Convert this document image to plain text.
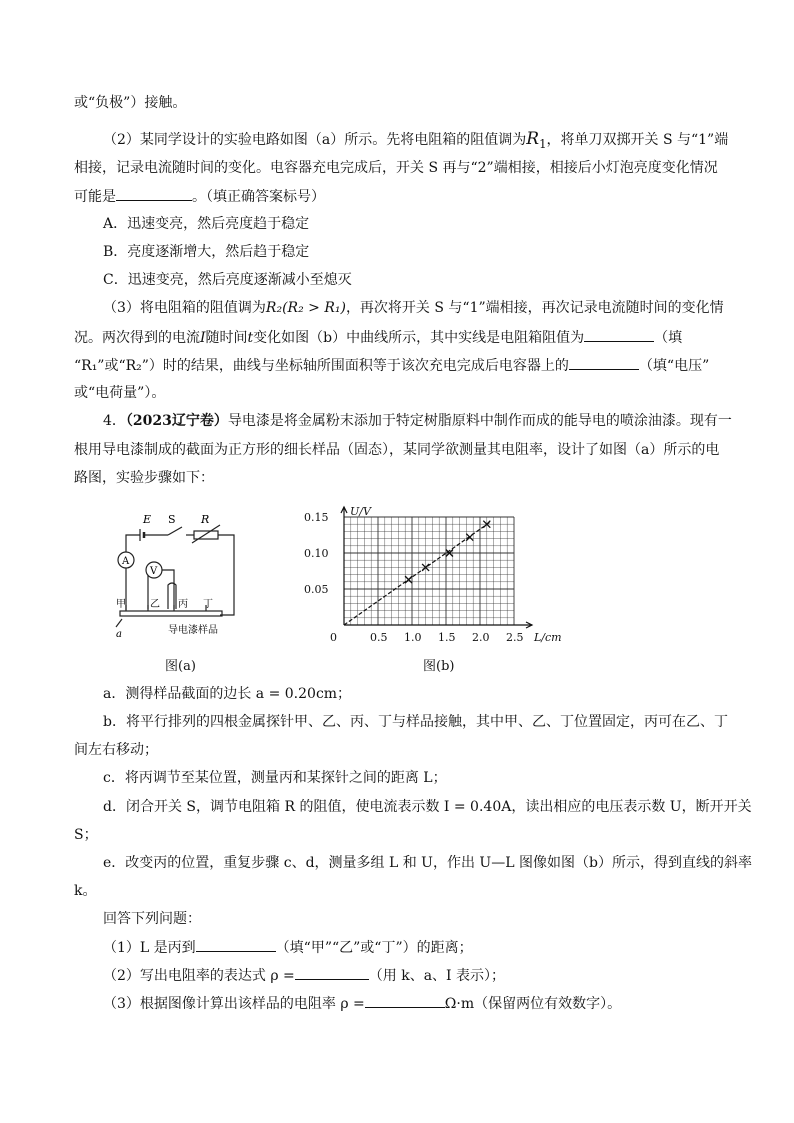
或“负极”）接触。
（2）某同学设计的实验电路如图（a）所示。先将电阻箱的阻值调为$R_1$，将单刀双掷开关 S 与“1”端
相接，记录电流随时间的变化。电容器充电完成后，开关 S 再与“2”端相接，相接后小灯泡亮度变化情况
可能是	。（填正确答案标号）
A．迅速变亮，然后亮度趋于稳定
B．亮度逐渐增大，然后趋于稳定
C．迅速变亮，然后亮度逐渐减小至熄灭
（3）将电阻箱的阻值调为R₂(R₂ > R₁)，再次将开关 S 与“1”端相接，再次记录电流随时间的变化情
况。两次得到的电流I随时间t变化如图（b）中曲线所示，其中实线是电阻箱阻值为	（填
“R₁”或“R₂”）时的结果，曲线与坐标轴所围面积等于该次充电完成后电容器上的	（填“电压”
或“电荷量”）。
4．（2023辽宁卷）导电漆是将金属粉末添加于特定树脂原料中制作而成的能导电的喷涂油漆。现有一
根用导电漆制成的截面为正方形的细长样品（固态），某同学欲测量其电阻率，设计了如图（a）所示的电
路图，实验步骤如下：
E S R
A
V
甲 乙 丙 丁
a	导电漆样品
图(a)
0.5 1.0 1.5 2.0 2.5
0.05
0.10
0.15
0	L/cm
U/V
图(b)
a．测得样品截面的边长 a = 0.20cm；
b．将平行排列的四根金属探针甲、乙、丙、丁与样品接触，其中甲、乙、丁位置固定，丙可在乙、丁
间左右移动；
c．将丙调节至某位置，测量丙和某探针之间的距离 L；
d．闭合开关 S，调节电阻箱 R 的阻值，使电流表示数 I = 0.40A，读出相应的电压表示数 U，断开开关
S；
e．改变丙的位置，重复步骤 c、d，测量多组 L 和 U，作出 U—L 图像如图（b）所示，得到直线的斜率
k。
回答下列问题：
（1）L 是丙到	（填“甲”“乙”或“丁”）的距离；
（2）写出电阻率的表达式 ρ =	（用 k、a、I 表示）；
（3）根据图像计算出该样品的电阻率 ρ =	Ω·m（保留两位有效数字）。
